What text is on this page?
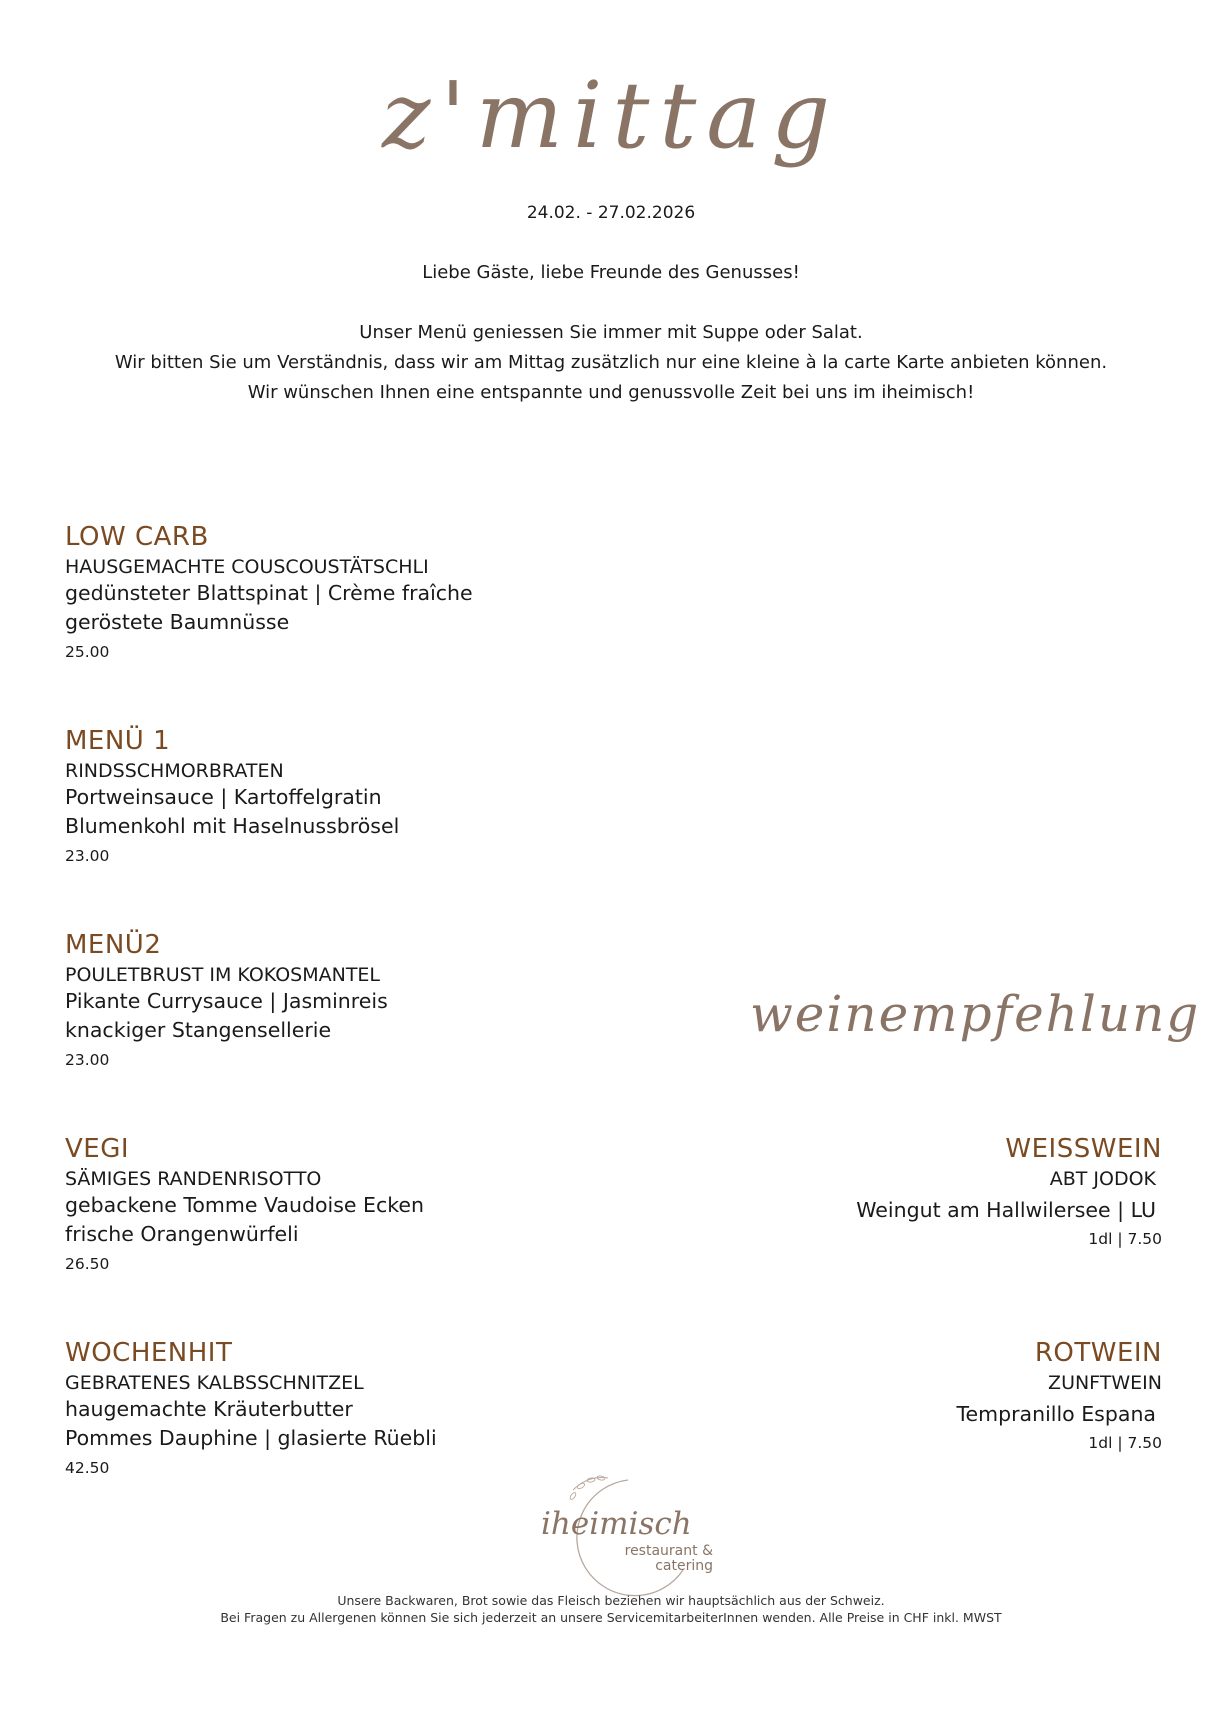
z'mittag
24.02. - 27.02.2026
Liebe Gäste, liebe Freunde des Genusses!
Unser Menü geniessen Sie immer mit Suppe oder Salat.
Wir bitten Sie um Verständnis, dass wir am Mittag zusätzlich nur eine kleine à la carte Karte anbieten können.
Wir wünschen Ihnen eine entspannte und genussvolle Zeit bei uns im iheimisch!
LOW CARB
HAUSGEMACHTE COUSCOUSTÄTSCHLI
gedünsteter Blattspinat | Crème fraîche
geröstete Baumnüsse
25.00
MENÜ 1
RINDSSCHMORBRATEN
Portweinsauce | Kartoffelgratin
Blumenkohl mit Haselnussbrösel
23.00
MENÜ2
POULETBRUST IM KOKOSMANTEL
Pikante Currysauce | Jasminreis
knackiger Stangensellerie
23.00
VEGI
SÄMIGES RANDENRISOTTO
gebackene Tomme Vaudoise Ecken
frische Orangenwürfeli
26.50
WOCHENHIT
GEBRATENES KALBSSCHNITZEL
haugemachte Kräuterbutter
Pommes Dauphine | glasierte Rüebli
42.50
weinempfehlung
WEISSWEIN
ABT JODOK
Weingut am Hallwilersee | LU
1dl | 7.50
ROTWEIN
ZUNFTWEIN
Tempranillo Espana
1dl | 7.50
iheimisch
restaurant &
catering
Unsere Backwaren, Brot sowie das Fleisch beziehen wir hauptsächlich aus der Schweiz.
Bei Fragen zu Allergenen können Sie sich jederzeit an unsere ServicemitarbeiterInnen wenden. Alle Preise in CHF inkl. MWST
